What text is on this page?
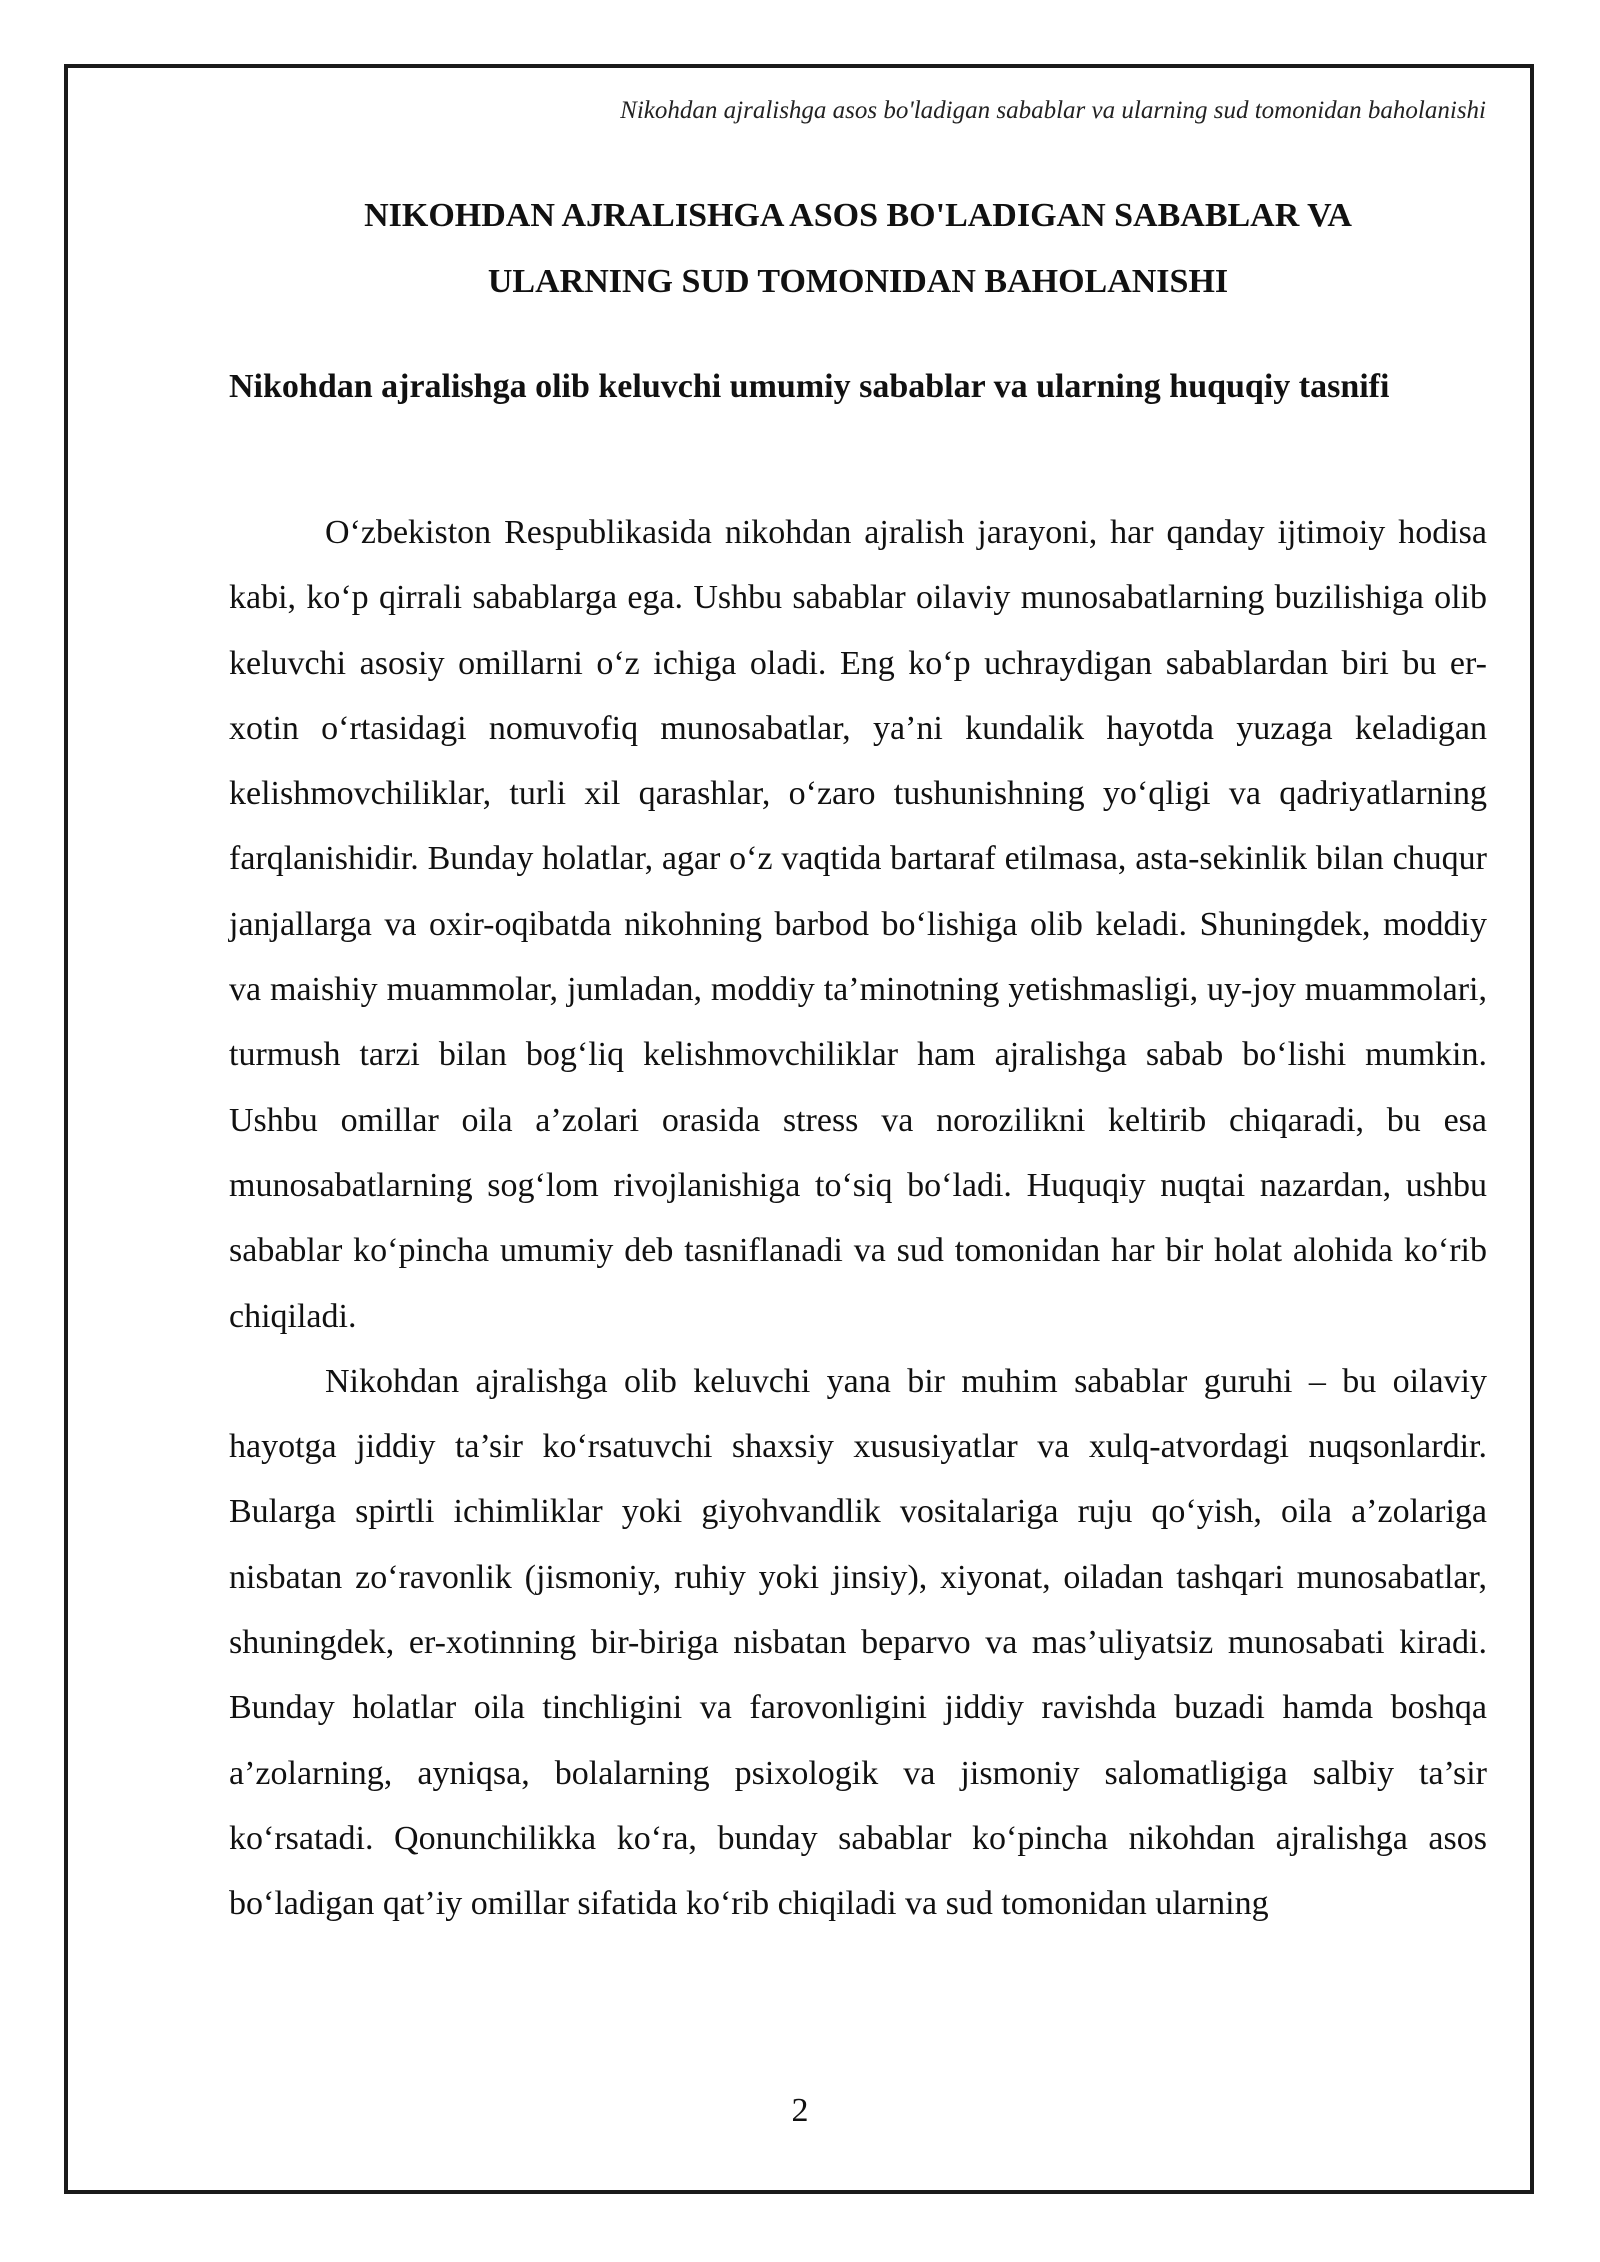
Nikohdan ajralishga asos bo'ladigan sabablar va ularning sud tomonidan baholanishi
NIKOHDAN AJRALISHGA ASOS BO'LADIGAN SABABLAR VA
ULARNING SUD TOMONIDAN BAHOLANISHI
Nikohdan ajralishga olib keluvchi umumiy sabablar va ularning huquqiy tasnifi

O‘zbekiston Respublikasida nikohdan ajralish jarayoni, har qanday ijtimoiy hodisa kabi, ko‘p qirrali sabablarga ega. Ushbu sabablar oilaviy munosabatlarning buzilishiga olib keluvchi asosiy omillarni o‘z ichiga oladi. Eng ko‘p uchraydigan sabablardan biri bu er-xotin o‘rtasidagi nomuvofiq munosabatlar, ya’ni kundalik hayotda yuzaga keladigan kelishmovchiliklar, turli xil qarashlar, o‘zaro tushunishning yo‘qligi va qadriyatlarning farqlanishidir. Bunday holatlar, agar o‘z vaqtida bartaraf etilmasa, asta-sekinlik bilan chuqur janjallarga va oxir-oqibatda nikohning barbod bo‘lishiga olib keladi. Shuningdek, moddiy va maishiy muammolar, jumladan, moddiy ta’minotning yetishmasligi, uy-joy muammolari, turmush tarzi bilan bog‘liq kelishmovchiliklar ham ajralishga sabab bo‘lishi mumkin. Ushbu omillar oila a’zolari orasida stress va norozilikni keltirib chiqaradi, bu esa munosabatlarning sog‘lom rivojlanishiga to‘siq bo‘ladi. Huquqiy nuqtai nazardan, ushbu sabablar ko‘pincha umumiy deb tasniflanadi va sud tomonidan har bir holat alohida ko‘rib chiqiladi.

Nikohdan ajralishga olib keluvchi yana bir muhim sabablar guruhi – bu oilaviy hayotga jiddiy ta’sir ko‘rsatuvchi shaxsiy xususiyatlar va xulq-atvordagi nuqsonlardir. Bularga spirtli ichimliklar yoki giyohvandlik vositalariga ruju qo‘yish, oila a’zolariga nisbatan zo‘ravonlik (jismoniy, ruhiy yoki jinsiy), xiyonat, oiladan tashqari munosabatlar, shuningdek, er-xotinning bir-biriga nisbatan beparvo va mas’uliyatsiz munosabati kiradi. Bunday holatlar oila tinchligini va farovonligini jiddiy ravishda buzadi hamda boshqa a’zolarning, ayniqsa, bolalarning psixologik va jismoniy salomatligiga salbiy ta’sir ko‘rsatadi. Qonunchilikka ko‘ra, bunday sabablar ko‘pincha nikohdan ajralishga asos bo‘ladigan qat’iy omillar sifatida ko‘rib chiqiladi va sud tomonidan ularning

2
